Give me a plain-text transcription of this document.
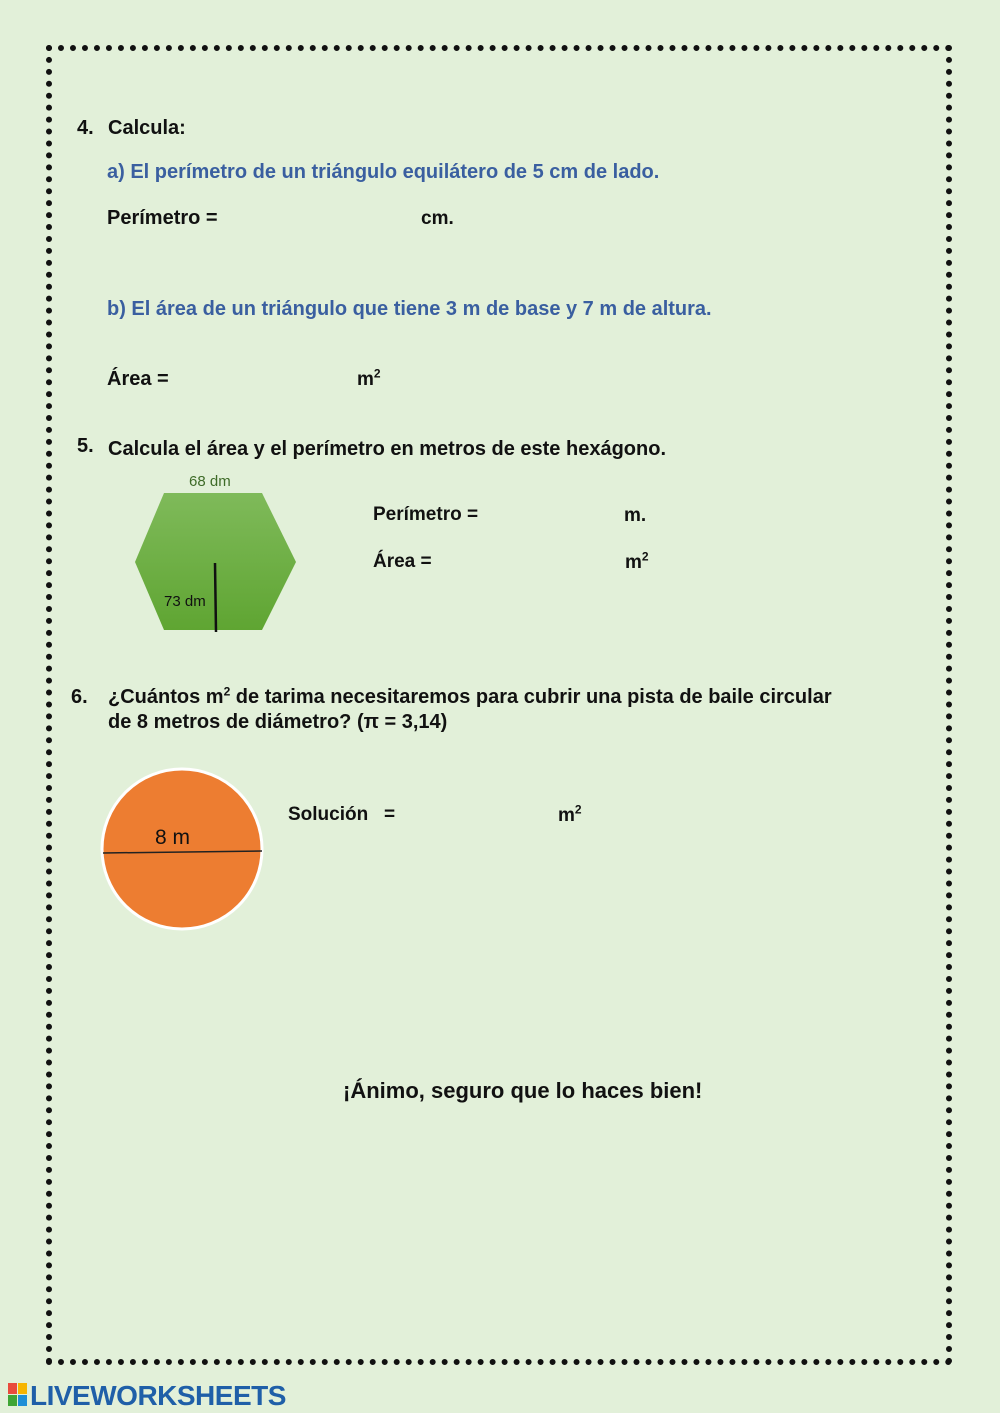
4. Calcula:
a) El perímetro de un triángulo equilátero de 5 cm de lado.
Perímetro =	cm.
b) El área de un triángulo que tiene 3 m de base y 7 m de altura.
Área =	$m^2$
5. Calcula el área y el perímetro en metros de este hexágono.
68 dm
73 dm
Perímetro =	m.
Área =	$m^2$
6. ¿Cuántos $m^2$ de tarima necesitaremos para cubrir una pista de baile circular
de 8 metros de diámetro? (π = 3,14)
8 m
Solución   =	$m^2$
¡Ánimo, seguro que lo haces bien!
LIVEWORKSHEETS
